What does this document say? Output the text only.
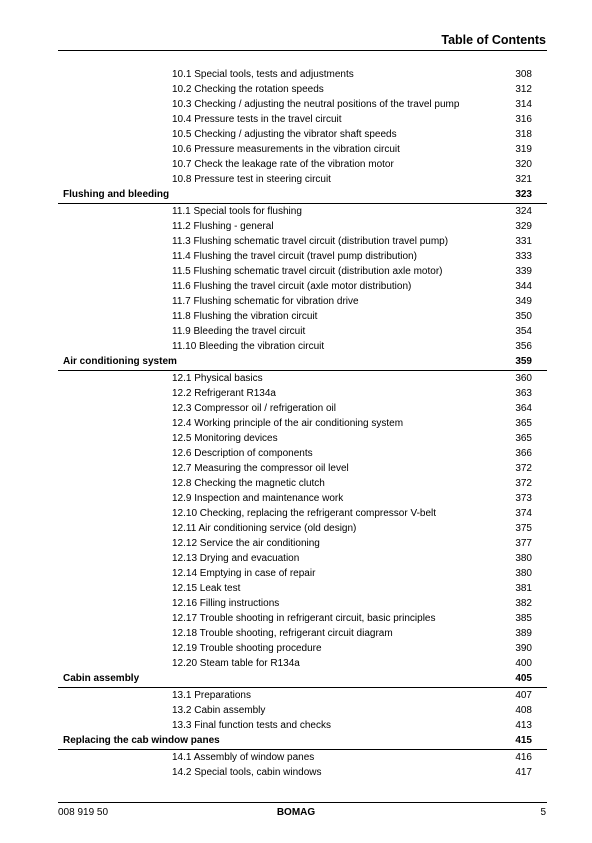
Table of Contents
10.1 Special tools, tests and adjustments	308
10.2 Checking the rotation speeds	312
10.3 Checking / adjusting the neutral positions of the travel pump	314
10.4 Pressure tests in the travel circuit	316
10.5 Checking / adjusting the vibrator shaft speeds	318
10.6 Pressure measurements in the vibration circuit	319
10.7 Check the leakage rate of the vibration motor	320
10.8 Pressure test in steering circuit	321
Flushing and bleeding	323
11.1 Special tools for flushing	324
11.2 Flushing - general	329
11.3 Flushing schematic travel circuit (distribution travel pump)	331
11.4 Flushing the travel circuit (travel pump distribution)	333
11.5 Flushing schematic travel circuit (distribution axle motor)	339
11.6 Flushing the travel circuit (axle motor distribution)	344
11.7 Flushing schematic for vibration drive	349
11.8 Flushing the vibration circuit	350
11.9 Bleeding the travel circuit	354
11.10 Bleeding the vibration circuit	356
Air conditioning system	359
12.1 Physical basics	360
12.2 Refrigerant R134a	363
12.3 Compressor oil / refrigeration oil	364
12.4 Working principle of the air conditioning system	365
12.5 Monitoring devices	365
12.6 Description of components	366
12.7 Measuring the compressor oil level	372
12.8 Checking the magnetic clutch	372
12.9 Inspection and maintenance work	373
12.10 Checking, replacing the refrigerant compressor V-belt	374
12.11 Air conditioning service (old design)	375
12.12 Service the air conditioning	377
12.13 Drying and evacuation	380
12.14 Emptying in case of repair	380
12.15 Leak test	381
12.16 Filling instructions	382
12.17 Trouble shooting in refrigerant circuit, basic principles	385
12.18 Trouble shooting, refrigerant circuit diagram	389
12.19 Trouble shooting procedure	390
12.20 Steam table for R134a	400
Cabin assembly	405
13.1 Preparations	407
13.2 Cabin assembly	408
13.3 Final function tests and checks	413
Replacing the cab window panes	415
14.1 Assembly of window panes	416
14.2 Special tools, cabin windows	417
008 919 50	BOMAG	5
